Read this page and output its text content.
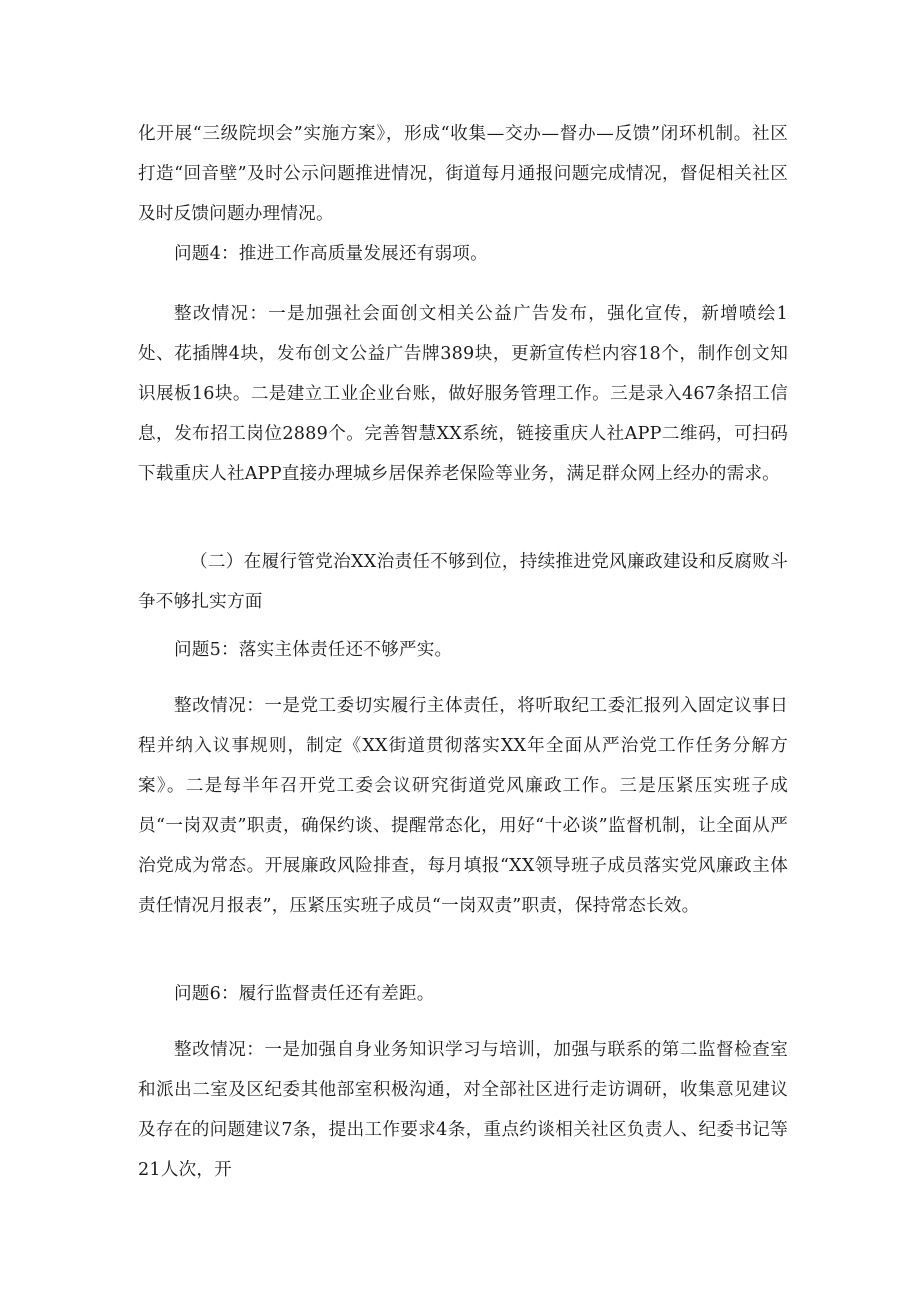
化开展“三级院坝会”实施方案》，形成“收集—交办—督办—反馈”闭环机制。社区打造“回音壁”及时公示问题推进情况，街道每月通报问题完成情况，督促相关社区及时反馈问题办理情况。

问题4：推进工作高质量发展还有弱项。

整改情况：一是加强社会面创文相关公益广告发布，强化宣传，新增喷绘1处、花插牌4块，发布创文公益广告牌389块，更新宣传栏内容18个，制作创文知识展板16块。二是建立工业企业台账，做好服务管理工作。三是录入467条招工信息，发布招工岗位2889个。完善智慧XX系统，链接重庆人社APP二维码，可扫码下载重庆人社APP直接办理城乡居保养老保险等业务，满足群众网上经办的需求。

（二）在履行管党治XX治责任不够到位，持续推进党风廉政建设和反腐败斗争不够扎实方面

问题5：落实主体责任还不够严实。

整改情况：一是党工委切实履行主体责任，将听取纪工委汇报列入固定议事日程并纳入议事规则，制定《XX街道贯彻落实XX年全面从严治党工作任务分解方案》。二是每半年召开党工委会议研究街道党风廉政工作。三是压紧压实班子成员“一岗双责”职责，确保约谈、提醒常态化，用好“十必谈”监督机制，让全面从严治党成为常态。开展廉政风险排查，每月填报“XX领导班子成员落实党风廉政主体责任情况月报表”，压紧压实班子成员“一岗双责”职责，保持常态长效。

问题6：履行监督责任还有差距。

整改情况：一是加强自身业务知识学习与培训，加强与联系的第二监督检查室和派出二室及区纪委其他部室积极沟通，对全部社区进行走访调研，收集意见建议及存在的问题建议7条，提出工作要求4条，重点约谈相关社区负责人、纪委书记等21人次，开
